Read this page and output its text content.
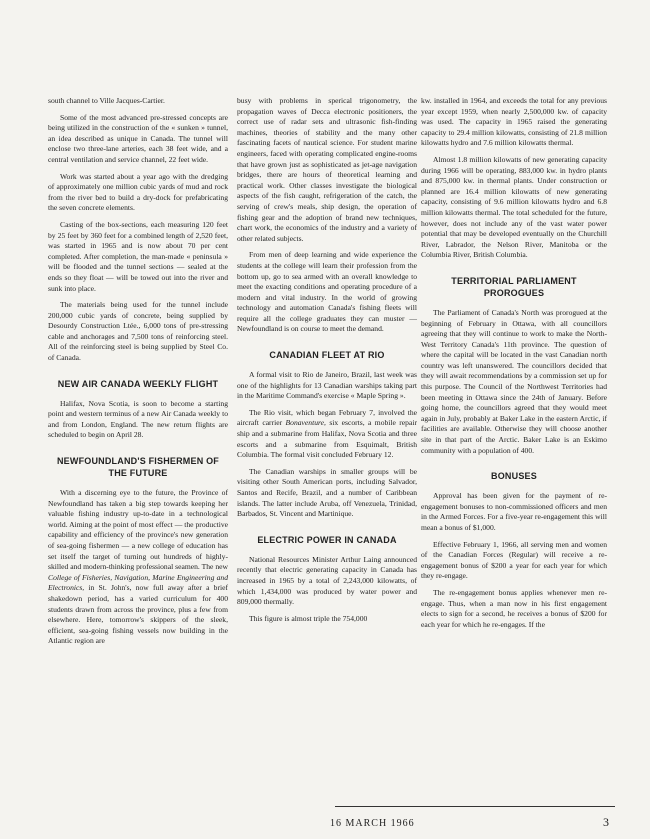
south channel to Ville Jacques-Cartier.

Some of the most advanced pre-stressed concepts are being utilized in the construction of the « sunken » tunnel, an idea described as unique in Canada. The tunnel will enclose two three-lane arteries, each 38 feet wide, and a central ventilation and service channel, 22 feet wide.

Work was started about a year ago with the dredging of approximately one million cubic yards of mud and rock from the river bed to build a dry-dock for prefabricating the seven concrete elements.

Casting of the box-sections, each measuring 120 feet by 25 feet by 360 feet for a combined length of 2,520 feet, was started in 1965 and is now about 70 per cent completed. After completion, the man-made « peninsula » will be flooded and the tunnel sections — sealed at the ends so they float — will be towed out into the river and sunk into place.

The materials being used for the tunnel include 200,000 cubic yards of concrete, being supplied by Desourdy Construction Ltée., 6,000 tons of pre-stressing cable and anchorages and 7,500 tons of reinforcing steel. All of the reinforcing steel is being supplied by Steel Co. of Canada.

NEW AIR CANADA WEEKLY FLIGHT

Halifax, Nova Scotia, is soon to become a starting point and western terminus of a new Air Canada weekly to and from London, England. The new return flights are scheduled to begin on April 28.

NEWFOUNDLAND'S FISHERMEN OF THE FUTURE

With a discerning eye to the future, the Province of Newfoundland has taken a big step towards keeping her valuable fishing industry up-to-date in a technological world. Aiming at the point of most effect — the productive capability and efficiency of the province's new generation of sea-going fishermen — a new college of education has set itself the target of turning out hundreds of highly-skilled and modern-thinking professional seamen. The new College of Fisheries, Navigation, Marine Engineering and Electronics, in St. John's, now full away after a brief shakedown period, has a varied curriculum for 400 students drawn from across the province, plus a few from elsewhere. Here, tomorrow's skippers of the sleek, efficient, sea-going fishing vessels now building in the Atlantic region are

busy with problems in sperical trigonometry, the propagation waves of Decca electronic positioners, the correct use of radar sets and ultrasonic fish-finding machines, theories of stability and the many other fascinating facets of nautical science. For student marine engineers, faced with operating complicated engine-rooms that have grown just as sophisticated as jet-age navigation bridges, there are hours of theoretical learning and practical work. Other classes investigate the biological aspects of the fish caught, refrigeration of the catch, the serving of crew's meals, ship design, the operation of fishing gear and the adoption of brand new techniques, chart work, the economics of the industry and a variety of other related subjects.

From men of deep learning and wide experience the students at the college will learn their profession from the bottom up, go to sea armed with an overall knowledge to meet the exacting conditions and operating procedure of a modern and vital industry. In the world of growing technology and automation Canada's fishing fleets will require all the college graduates they can muster — Newfoundland is on course to meet the demand.

CANADIAN FLEET AT RIO

A formal visit to Rio de Janeiro, Brazil, last week was one of the highlights for 13 Canadian warships taking part in the Maritime Command's exercise « Maple Spring ».

The Rio visit, which began February 7, involved the aircraft carrier Bonaventure, six escorts, a mobile repair ship and a submarine from Halifax, Nova Scotia and three escorts and a submarine from Esquimalt, British Columbia. The formal visit concluded February 12.

The Canadian warships in smaller groups will be visiting other South American ports, including Salvador, Santos and Recife, Brazil, and a number of Caribbean islands. The latter include Aruba, off Venezuela, Trinidad, Barbados, St. Vincent and Martinique.

ELECTRIC POWER IN CANADA

National Resources Minister Arthur Laing announced recently that electric generating capacity in Canada has increased in 1965 by a total of 2,243,000 kilowatts, of which 1,434,000 was produced by water power and 809,000 thermally.

This figure is almost triple the 754,000

kw. installed in 1964, and exceeds the total for any previous year except 1959, when nearly 2,500,000 kw. of capacity was used. The capacity in 1965 raised the generating capacity to 29.4 million kilowatts, consisting of 21.8 million kilowatts hydro and 7.6 million kilowatts thermal.

Almost 1.8 million kilowatts of new generating capacity during 1966 will be operating, 883,000 kw. in hydro plants and 875,000 kw. in thermal plants. Under construction or planned are 16.4 million kilowatts of new generating capacity, consisting of 9.6 million kilowatts hydro and 6.8 million kilowatts thermal. The total scheduled for the future, however, does not include any of the vast water power potential that may be developed eventually on the Churchill River, Labrador, the Nelson River, Manitoba or the Columbia River, British Columbia.

TERRITORIAL PARLIAMENT PROROGUES

The Parliament of Canada's North was prorogued at the beginning of February in Ottawa, with all councillors agreeing that they will continue to work to make the North-West Territory Canada's 11th province. The question of where the capital will be located in the vast Canadian north country was left unanswered. The councillors decided that they will await recommendations by a commission set up for this purpose. The Council of the Northwest Territories had been meeting in Ottawa since the 24th of January. Before going home, the councillors agreed that they would meet again in July, probably at Baker Lake in the eastern Arctic, if facilities are available. Otherwise they will choose another site in that part of the Arctic. Baker Lake is an Eskimo community with a population of 400.

BONUSES

Approval has been given for the payment of re-engagement bonuses to non-commissioned officers and men in the Armed Forces. For a five-year re-engagement this will mean a bonus of $1,000.

Effective February 1, 1966, all serving men and women of the Canadian Forces (Regular) will receive a re-engagement bonus of $200 a year for each year for which they re-engage.

The re-engagement bonus applies whenever men re-engage. Thus, when a man now in his first engagement elects to sign for a second, he receives a bonus of $200 for each year for which he re-engages. If the

16 MARCH 1966	3
